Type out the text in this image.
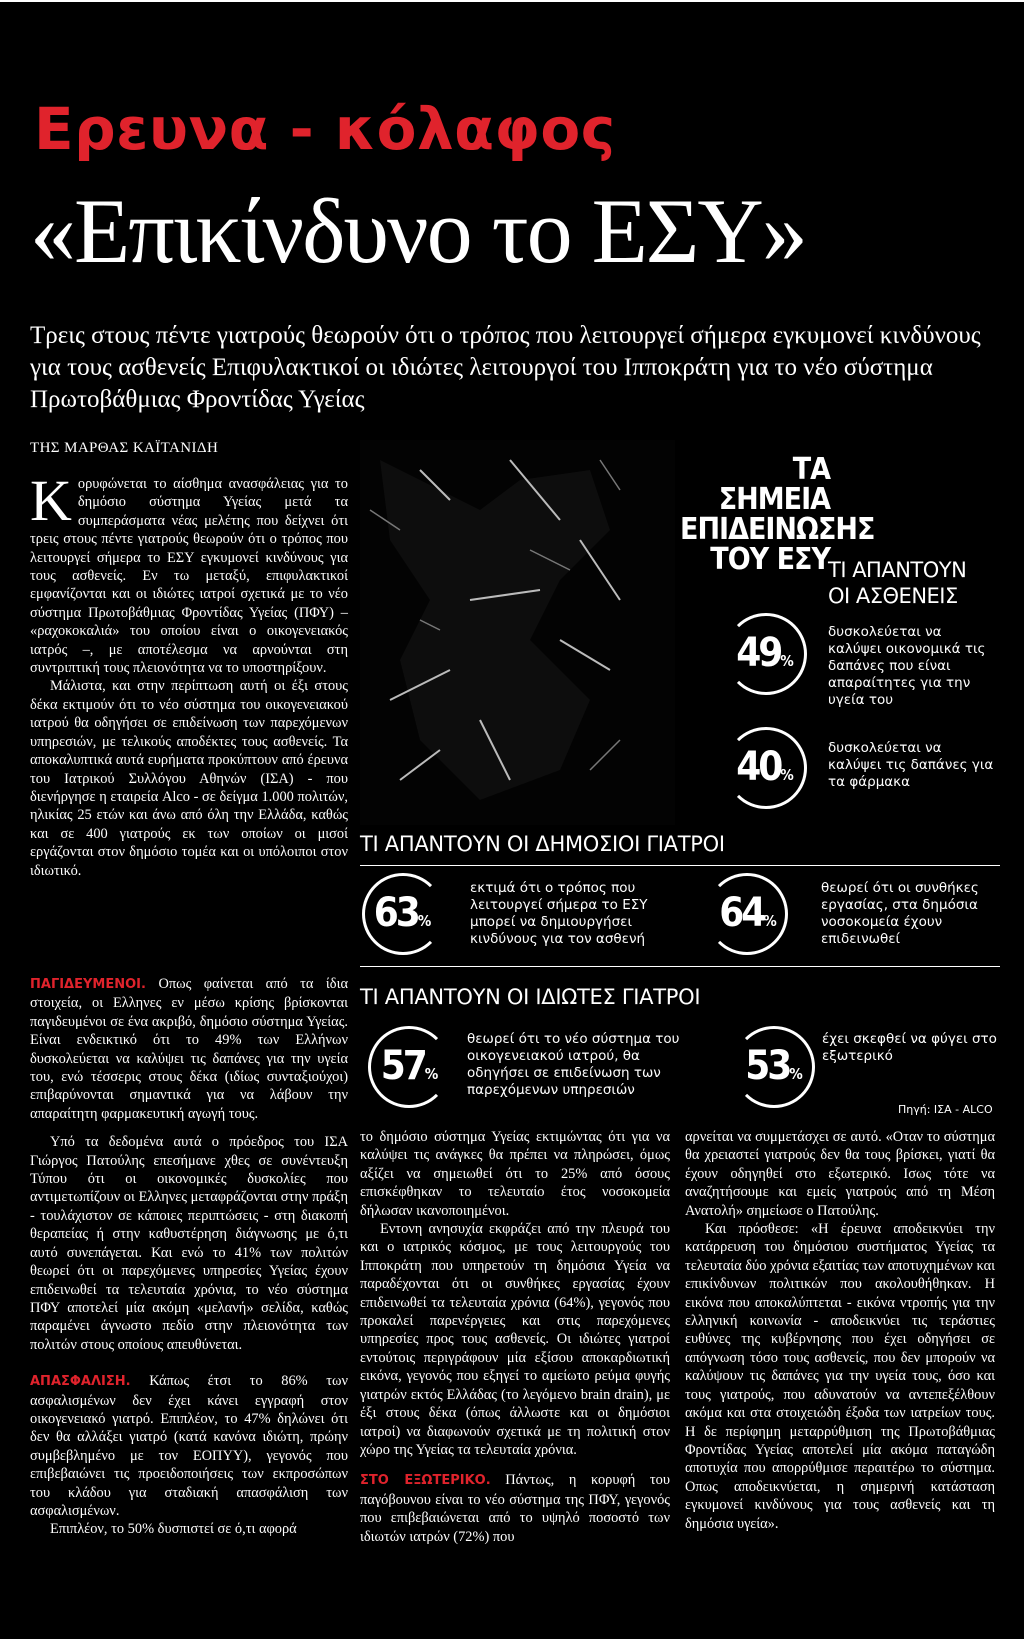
Ερευνα - κόλαφος
«Επικίνδυνο το ΕΣΥ»
Τρεις στους πέντε γιατρούς θεωρούν ότι ο τρόπος που λειτουργεί σήμερα εγκυμονεί κινδύνους για τους ασθενείς Επιφυλακτικοί οι ιδιώτες λειτουργοί του Ιπποκράτη για το νέο σύστημα Πρωτοβάθμιας Φροντίδας Υγείας
ΤΗΣ ΜΑΡΘΑΣ ΚΑΪΤΑΝΙΔΗ

Κορυφώνεται το αίσθημα ανασφάλειας για το δημόσιο σύστημα Υγείας μετά τα συμπεράσματα νέας μελέτης που δείχνει ότι τρεις στους πέντε γιατρούς θεωρούν ότι ο τρόπος που λειτουργεί σήμερα το ΕΣΥ εγκυμονεί κινδύνους για τους ασθενείς. Εν τω μεταξύ, επιφυλακτικοί εμφανίζονται και οι ιδιώτες ιατροί σχετικά με το νέο σύστημα Πρωτοβάθμιας Φροντίδας Υγείας (ΠΦΥ) – «ραχοκοκαλιά» του οποίου είναι ο οικογενειακός ιατρός –, με αποτέλεσμα να αρνούνται στη συντριπτική τους πλειονότητα να το υποστηρίξουν.

Μάλιστα, και στην περίπτωση αυτή οι έξι στους δέκα εκτιμούν ότι το νέο σύστημα του οικογενειακού ιατρού θα οδηγήσει σε επιδείνωση των παρεχόμενων υπηρεσιών, με τελικούς αποδέκτες τους ασθενείς. Τα αποκαλυπτικά αυτά ευρήματα προκύπτουν από έρευνα του Ιατρικού Συλλόγου Αθηνών (ΙΣΑ) - που διενήργησε η εταιρεία Alco - σε δείγμα 1.000 πολιτών, ηλικίας 25 ετών και άνω από όλη την Ελλάδα, καθώς και σε 400 γιατρούς εκ των οποίων οι μισοί εργάζονται στον δημόσιο τομέα και οι υπόλοιποι στον ιδιωτικό.

ΠΑΓΙΔΕΥΜΕΝΟΙ. Οπως φαίνεται από τα ίδια στοιχεία, οι Ελληνες εν μέσω κρίσης βρίσκονται παγιδευμένοι σε ένα ακριβό, δημόσιο σύστημα Υγείας. Είναι ενδεικτικό ότι το 49% των Ελλήνων δυσκολεύεται να καλύψει τις δαπάνες για την υγεία του, ενώ τέσσερις στους δέκα (ιδίως συνταξιούχοι) επιβαρύνονται σημαντικά για να λάβουν την απαραίτητη φαρμακευτική αγωγή τους.

Υπό τα δεδομένα αυτά ο πρόεδρος του ΙΣΑ Γιώργος Πατούλης επεσήμανε χθες σε συνέντευξη Τύπου ότι οι οικονομικές δυσκολίες που αντιμετωπίζουν οι Ελληνες μεταφράζονται στην πράξη - τουλάχιστον σε κάποιες περιπτώσεις - στη διακοπή θεραπείας ή στην καθυστέρηση διάγνωσης με ό,τι αυτό συνεπάγεται. Και ενώ το 41% των πολιτών θεωρεί ότι οι παρεχόμενες υπηρεσίες Υγείας έχουν επιδεινωθεί τα τελευταία χρόνια, το νέο σύστημα ΠΦΥ αποτελεί μία ακόμη «μελανή» σελίδα, καθώς παραμένει άγνωστο πεδίο στην πλειονότητα των πολιτών στους οποίους απευθύνεται.

ΑΠΑΣΦΑΛΙΣΗ. Κάπως έτσι το 86% των ασφαλισμένων δεν έχει κάνει εγγραφή στον οικογενειακό γιατρό. Επιπλέον, το 47% δηλώνει ότι δεν θα αλλάξει γιατρό (κατά κανόνα ιδιώτη, πρώην συμβεβλημένο με τον ΕΟΠΥΥ), γεγονός που επιβεβαιώνει τις προειδοποιήσεις των εκπροσώπων του κλάδου για σταδιακή απασφάλιση των ασφαλισμένων.

Επιπλέον, το 50% δυσπιστεί σε ό,τι αφορά

το δημόσιο σύστημα Υγείας εκτιμώντας ότι για να καλύψει τις ανάγκες θα πρέπει να πληρώσει, όμως αξίζει να σημειωθεί ότι το 25% από όσους επισκέφθηκαν το τελευταίο έτος νοσοκομεία δήλωσαν ικανοποιημένοι.

Εντονη ανησυχία εκφράζει από την πλευρά του και ο ιατρικός κόσμος, με τους λειτουργούς του Ιπποκράτη που υπηρετούν τη δημόσια Υγεία να παραδέχονται ότι οι συνθήκες εργασίας έχουν επιδεινωθεί τα τελευταία χρόνια (64%), γεγονός που προκαλεί παρενέργειες και στις παρεχόμενες υπηρεσίες προς τους ασθενείς. Οι ιδιώτες γιατροί εντούτοις περιγράφουν μία εξίσου αποκαρδιωτική εικόνα, γεγονός που εξηγεί το αμείωτο ρεύμα φυγής γιατρών εκτός Ελλάδας (το λεγόμενο brain drain), με έξι στους δέκα (όπως άλλωστε και οι δημόσιοι ιατροί) να διαφωνούν σχετικά με τη πολιτική στον χώρο της Υγείας τα τελευταία χρόνια.

ΣΤΟ ΕΞΩΤΕΡΙΚΟ. Πάντως, η κορυφή του παγόβουνου είναι το νέο σύστημα της ΠΦΥ, γεγονός που επιβεβαιώνεται από το υψηλό ποσοστό των ιδιωτών ιατρών (72%) που

αρνείται να συμμετάσχει σε αυτό. «Οταν το σύστημα θα χρειαστεί γιατρούς δεν θα τους βρίσκει, γιατί θα έχουν οδηγηθεί στο εξωτερικό. Ισως τότε να αναζητήσουμε και εμείς γιατρούς από τη Μέση Ανατολή» σημείωσε ο Πατούλης.

Και πρόσθεσε: «Η έρευνα αποδεικνύει την κατάρρευση του δημόσιου συστήματος Υγείας τα τελευταία δύο χρόνια εξαιτίας των αποτυχημένων και επικίνδυνων πολιτικών που ακολουθήθηκαν. Η εικόνα που αποκαλύπτεται - εικόνα ντροπής για την ελληνική κοινωνία - αποδεικνύει τις τεράστιες ευθύνες της κυβέρνησης που έχει οδηγήσει σε απόγνωση τόσο τους ασθενείς, που δεν μπορούν να καλύψουν τις δαπάνες για την υγεία τους, όσο και τους γιατρούς, που αδυνατούν να αντεπεξέλθουν ακόμα και στα στοιχειώδη έξοδα των ιατρείων τους. Η δε περίφημη μεταρρύθμιση της Πρωτοβάθμιας Φροντίδας Υγείας αποτελεί μία ακόμα παταγώδη αποτυχία που απορρύθμισε περαιτέρω το σύστημα. Οπως αποδεικνύεται, η σημερινή κατάσταση εγκυμονεί κινδύνους για τους ασθενείς και τη δημόσια υγεία».

ΤΑ ΣΗΜΕΙΑ
ΕΠΙΔΕΙΝΩΣΗΣ
ΤΟΥ ΕΣΥ
ΤΙ ΑΠΑΝΤΟΥΝ
ΟΙ ΑΣΘΕΝΕΙΣ
49%
δυσκολεύεται να καλύψει οικονομικά τις δαπάνες που είναι απαραίτητες για την υγεία του
40%
δυσκολεύεται να καλύψει τις δαπάνες για τα φάρμακα
ΤΙ ΑΠΑΝΤΟΥΝ ΟΙ ΔΗΜΟΣΙΟΙ ΓΙΑΤΡΟΙ
63%
εκτιμά ότι ο τρόπος που λειτουργεί σήμερα το ΕΣΥ μπορεί να δημιουργήσει κινδύνους για τον ασθενή
64%
θεωρεί ότι οι συνθήκες εργασίας, στα δημόσια νοσοκομεία έχουν επιδεινωθεί
ΤΙ ΑΠΑΝΤΟΥΝ ΟΙ ΙΔΙΩΤΕΣ ΓΙΑΤΡΟΙ
57%
θεωρεί ότι το νέο σύστημα του οικογενειακού ιατρού, θα οδηγήσει σε επιδείνωση των παρεχόμενων υπηρεσιών
53%
έχει σκεφθεί να φύγει στο εξωτερικό
Πηγή: ΙΣΑ - ALCO
